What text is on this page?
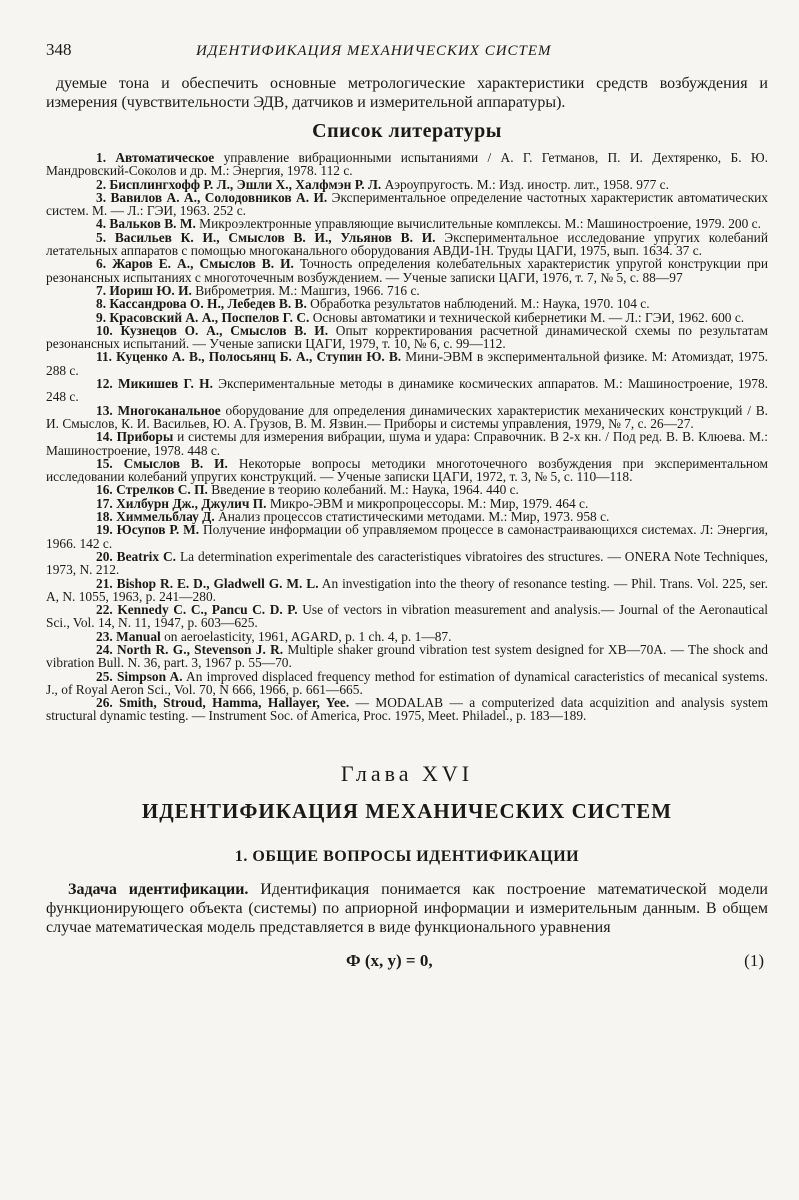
348	ИДЕНТИФИКАЦИЯ МЕХАНИЧЕСКИХ СИСТЕМ

дуемые тона и обеспечить основные метрологические характеристики средств возбуждения и измерения (чувствительности ЭДВ, датчиков и измерительной аппаратуры).

Список литературы

1. Автоматическое управление вибрационными испытаниями / А. Г. Гетманов, П. И. Дехтяренко, Б. Ю. Мандровский-Соколов и др. М.: Энергия, 1978. 112 с.

2. Бисплингхофф Р. Л., Эшли Х., Халфмэн Р. Л. Аэроупругость. М.: Изд. иностр. лит., 1958. 977 с.

3. Вавилов А. А., Солодовников А. И. Экспериментальное определение частотных характеристик автоматических систем. М. — Л.: ГЭИ, 1963. 252 с.

4. Вальков В. М. Микроэлектронные управляющие вычислительные комплексы. М.: Машиностроение, 1979. 200 с.

5. Васильев К. И., Смыслов В. И., Ульянов В. И. Экспериментальное исследование упругих колебаний летательных аппаратов с помощью многоканального оборудования АВДИ-1Н. Труды ЦАГИ, 1975, вып. 1634. 37 с.

6. Жаров Е. А., Смыслов В. И. Точность определения колебательных характеристик упругой конструкции при резонансных испытаниях с многоточечным возбуждением. — Ученые записки ЦАГИ, 1976, т. 7, № 5, с. 88—97

7. Иориш Ю. И. Виброметрия. М.: Машгиз, 1966. 716 с.

8. Кассандрова О. Н., Лебедев В. В. Обработка результатов наблюдений. М.: Наука, 1970. 104 с.

9. Красовский А. А., Поспелов Г. С. Основы автоматики и технической кибернетики М. — Л.: ГЭИ, 1962. 600 с.

10. Кузнецов О. А., Смыслов В. И. Опыт корректирования расчетной динамической схемы по результатам резонансных испытаний. — Ученые записки ЦАГИ, 1979, т. 10, № 6, с. 99—112.

11. Куценко А. В., Полосьянц Б. А., Ступин Ю. В. Мини-ЭВМ в экспериментальной физике. М: Атомиздат, 1975. 288 с.

12. Микишев Г. Н. Экспериментальные методы в динамике космических аппаратов. М.: Машиностроение, 1978. 248 с.

13. Многоканальное оборудование для определения динамических характеристик механических конструкций / В. И. Смыслов, К. И. Васильев, Ю. А. Грузов, В. М. Язвин.— Приборы и системы управления, 1979, № 7, с. 26—27.

14. Приборы и системы для измерения вибрации, шума и удара: Справочник. В 2-х кн. / Под ред. В. В. Клюева. М.: Машиностроение, 1978. 448 с.

15. Смыслов В. И. Некоторые вопросы методики многоточечного возбуждения при экспериментальном исследовании колебаний упругих конструкций. — Ученые записки ЦАГИ, 1972, т. 3, № 5, с. 110—118.

16. Стрелков С. П. Введение в теорию колебаний. М.: Наука, 1964. 440 с.

17. Хилбурн Дж., Джулич П. Микро-ЭВМ и микропроцессоры. М.: Мир, 1979. 464 с.

18. Химмельблау Д. Анализ процессов статистическими методами. М.: Мир, 1973. 958 с.

19. Юсупов Р. М. Получение информации об управляемом процессе в самонастраивающихся системах. Л: Энергия, 1966. 142 с.

20. Beatrix C. La determination experimentale des caracteristiques vibratoires des structures. — ONERA Note Techniques, 1973, N. 212.

21. Bishop R. E. D., Gladwell G. M. L. An investigation into the theory of resonance testing. — Phil. Trans. Vol. 225, ser. A, N. 1055, 1963, p. 241—280.

22. Kennedy C. C., Pancu C. D. P. Use of vectors in vibration measurement and analysis.— Journal of the Aeronautical Sci., Vol. 14, N. 11, 1947, p. 603—625.

23. Manual on aeroelasticity, 1961, AGARD, p. 1 ch. 4, p. 1—87.

24. North R. G., Stevenson J. R. Multiple shaker ground vibration test system designed for XB—70A. — The shock and vibration Bull. N. 36, part. 3, 1967 p. 55—70.

25. Simpson A. An improved displaced frequency method for estimation of dynamical caracteristics of mecanical systems. J., of Royal Aeron Sci., Vol. 70, N 666, 1966, p. 661—665.

26. Smith, Stroud, Hamma, Hallayer, Yee. — MODALAB — a computerized data acquizition and analysis system structural dynamic testing. — Instrument Soc. of America, Proc. 1975, Meet. Philadel., p. 183—189.

Глава XVI
ИДЕНТИФИКАЦИЯ МЕХАНИЧЕСКИХ СИСТЕМ
1. ОБЩИЕ ВОПРОСЫ ИДЕНТИФИКАЦИИ

Задача идентификации. Идентификация понимается как построение математической модели функционирующего объекта (системы) по априорной информации и измерительным данным. В общем случае математическая модель представляется в виде функционального уравнения

Ф (x, y) = 0,	(1)
